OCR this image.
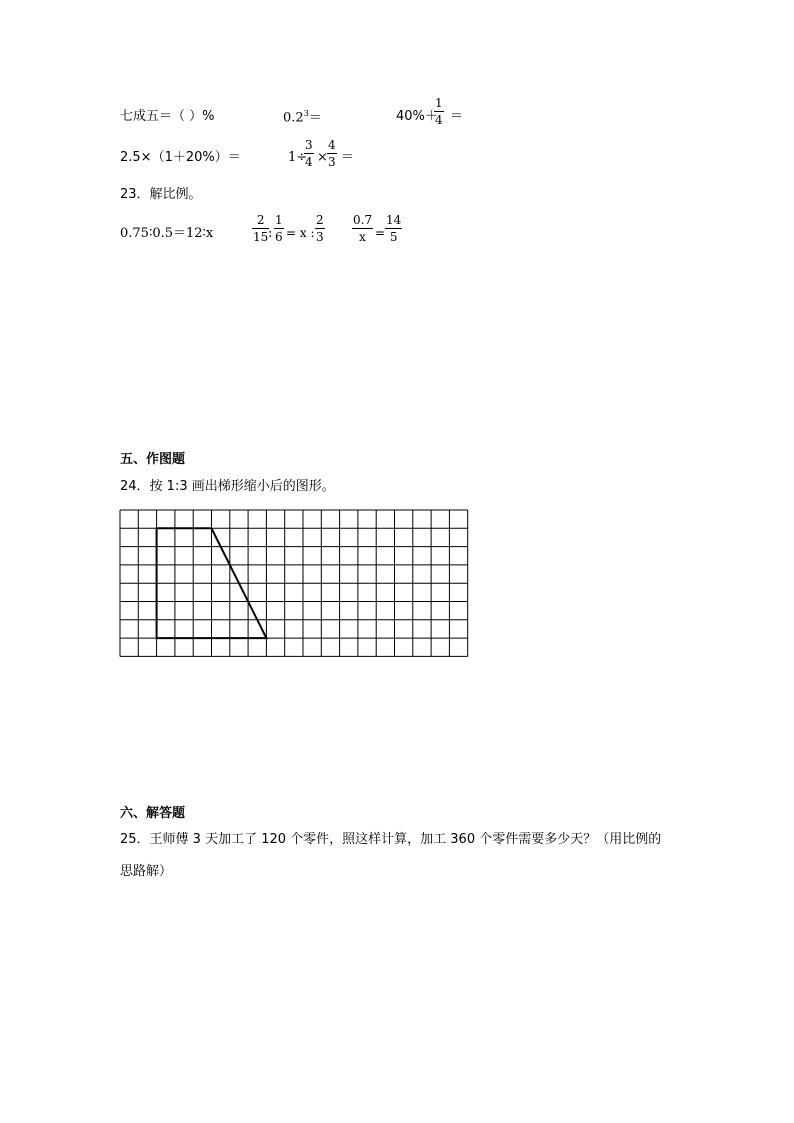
七成五＝（ ）%	$0.2^3=$	40%＋
$\frac{1}{4}$ ＝
2.5×（1＋20%）＝	1÷
$\frac{3}{4} \times \frac{4}{3}$ ＝
23．解比例。
0.75∶0.5＝12∶x	$\frac{2}{15}$
: $\frac{1}{6} = x$ : $\frac{2}{3} \frac{0.7}{x} = \frac{14}{5}$
五、作图题
24．按 1:3 画出梯形缩小后的图形。
六、解答题
25．王师傅 3 天加工了 120 个零件，照这样计算，加工 360 个零件需要多少天？（用比例的
思路解）
